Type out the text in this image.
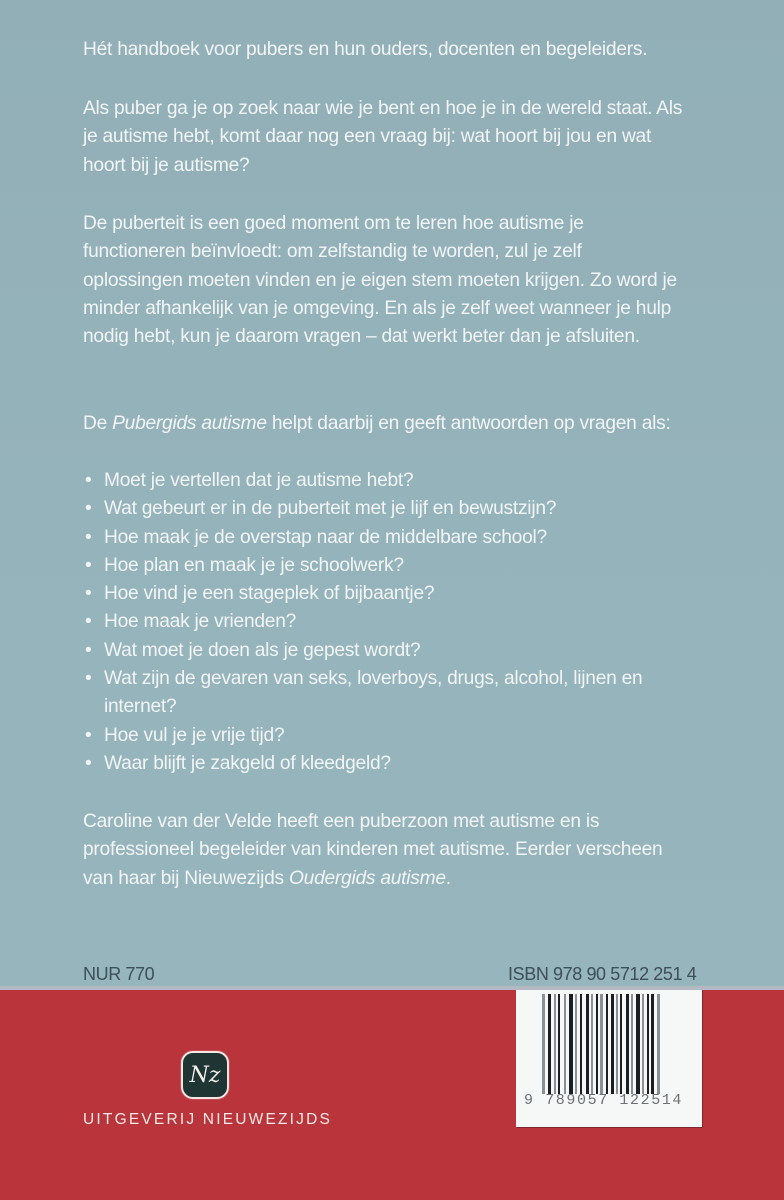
Hét handboek voor pubers en hun ouders, docenten en begeleiders.

Als puber ga je op zoek naar wie je bent en hoe je in de wereld staat. Als je autisme hebt, komt daar nog een vraag bij: wat hoort bij jou en wat hoort bij je autisme?

De puberteit is een goed moment om te leren hoe autisme je functioneren beïnvloedt: om zelfstandig te worden, zul je zelf oplossingen moeten vinden en je eigen stem moeten krijgen. Zo word je minder afhankelijk van je omgeving. En als je zelf weet wanneer je hulp nodig hebt, kun je daarom vragen – dat werkt beter dan je afsluiten.

De Pubergids autisme helpt daarbij en geeft antwoorden op vragen als:

• Moet je vertellen dat je autisme hebt?
• Wat gebeurt er in de puberteit met je lijf en bewustzijn?
• Hoe maak je de overstap naar de middelbare school?
• Hoe plan en maak je je schoolwerk?
• Hoe vind je een stageplek of bijbaantje?
• Hoe maak je vrienden?
• Wat moet je doen als je gepest wordt?
• Wat zijn de gevaren van seks, loverboys, drugs, alcohol, lijnen en internet?
• Hoe vul je je vrije tijd?
• Waar blijft je zakgeld of kleedgeld?

Caroline van der Velde heeft een puberzoon met autisme en is professioneel begeleider van kinderen met autisme. Eerder verscheen van haar bij Nieuwezijds Oudergids autisme.

NUR 770	ISBN 978 90 5712 251 4
9 789057 122514
Nz
UITGEVERIJ NIEUWEZIJDS
